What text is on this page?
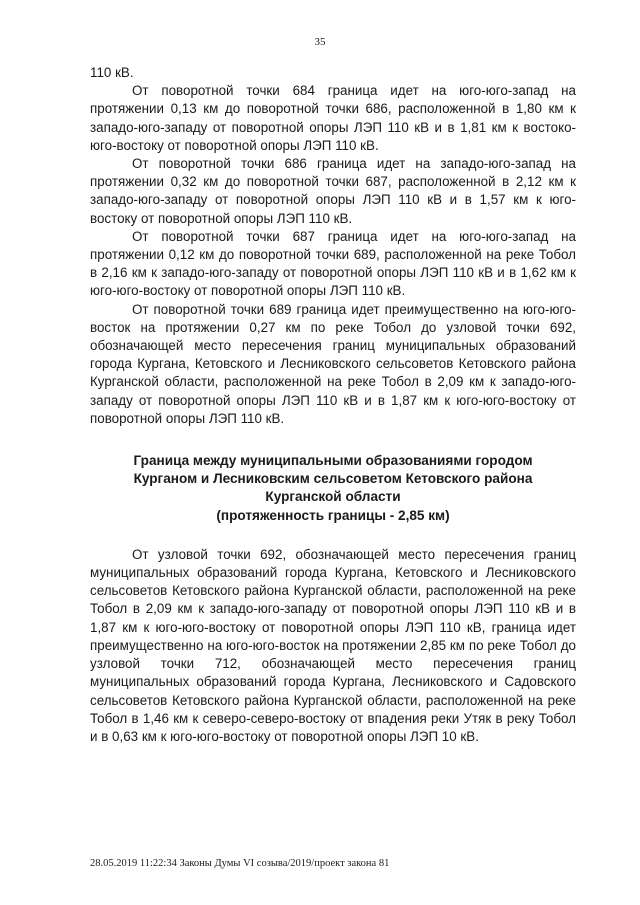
35

110 кВ.

От поворотной точки 684 граница идет на юго-юго-запад на протяжении 0,13 км до поворотной точки 686, расположенной в 1,80 км к западо-юго-западу от поворотной опоры ЛЭП 110 кВ и в 1,81 км к востоко-юго-востоку от поворотной опоры ЛЭП 110 кВ.

От поворотной точки 686 граница идет на западо-юго-запад на протяжении 0,32 км до поворотной точки 687, расположенной в 2,12 км к западо-юго-западу от поворотной опоры ЛЭП 110 кВ и в 1,57 км к юго-востоку от поворотной опоры ЛЭП 110 кВ.

От поворотной точки 687 граница идет на юго-юго-запад на протяжении 0,12 км до поворотной точки 689, расположенной на реке Тобол в 2,16 км к западо-юго-западу от поворотной опоры ЛЭП 110 кВ и в 1,62 км к юго-юго-востоку от поворотной опоры ЛЭП 110 кВ.

От поворотной точки 689 граница идет преимущественно на юго-юго-восток на протяжении 0,27 км по реке Тобол до узловой точки 692, обозначающей место пересечения границ муниципальных образований города Кургана, Кетовского и Лесниковского сельсоветов Кетовского района Курганской области, расположенной на реке Тобол в 2,09 км к западо-юго-западу от поворотной опоры ЛЭП 110 кВ и в 1,87 км к юго-юго-востоку от поворотной опоры ЛЭП 110 кВ.

Граница между муниципальными образованиями городом
Курганом и Лесниковским сельсоветом Кетовского района
Курганской области
(протяженность границы - 2,85 км)

От узловой точки 692, обозначающей место пересечения границ муниципальных образований города Кургана, Кетовского и Лесниковского сельсоветов Кетовского района Курганской области, расположенной на реке Тобол в 2,09 км к западо-юго-западу от поворотной опоры ЛЭП 110 кВ и в 1,87 км к юго-юго-востоку от поворотной опоры ЛЭП 110 кВ, граница идет преимущественно на юго-юго-восток на протяжении 2,85 км по реке Тобол до узловой точки 712, обозначающей место пересечения границ муниципальных образований города Кургана, Лесниковского и Садовского сельсоветов Кетовского района Курганской области, расположенной на реке Тобол в 1,46 км к северо-северо-востоку от впадения реки Утяк в реку Тобол и в 0,63 км к юго-юго-востоку от поворотной опоры ЛЭП 10 кВ.

28.05.2019 11:22:34 Законы Думы VI созыва/2019/проект закона 81
